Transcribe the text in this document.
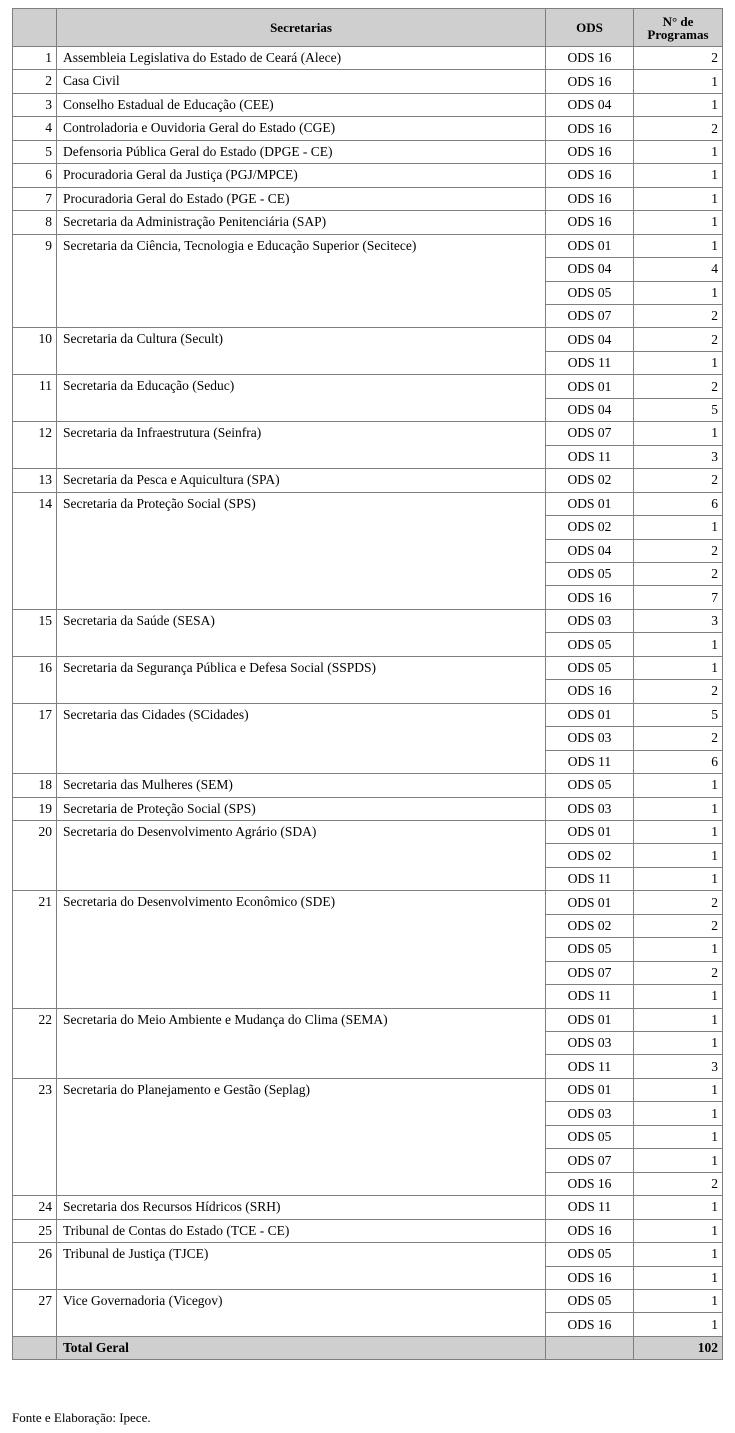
	Secretarias	ODS	N° de Programas
1	Assembleia Legislativa do Estado de Ceará (Alece)	ODS 16	2
2	Casa Civil	ODS 16	1
3	Conselho Estadual de Educação (CEE)	ODS 04	1
4	Controladoria e Ouvidoria Geral do Estado (CGE)	ODS 16	2
5	Defensoria Pública Geral do Estado (DPGE - CE)	ODS 16	1
6	Procuradoria Geral da Justiça (PGJ/MPCE)	ODS 16	1
7	Procuradoria Geral do Estado (PGE - CE)	ODS 16	1
8	Secretaria da Administração Penitenciária (SAP)	ODS 16	1
9	Secretaria da Ciência, Tecnologia e Educação Superior (Secitece)	ODS 01	1
		ODS 04	4
		ODS 05	1
		ODS 07	2
10	Secretaria da Cultura (Secult)	ODS 04	2
		ODS 11	1
11	Secretaria da Educação (Seduc)	ODS 01	2
		ODS 04	5
12	Secretaria da Infraestrutura (Seinfra)	ODS 07	1
		ODS 11	3
13	Secretaria da Pesca e Aquicultura (SPA)	ODS 02	2
14	Secretaria da Proteção Social (SPS)	ODS 01	6
		ODS 02	1
		ODS 04	2
		ODS 05	2
		ODS 16	7
15	Secretaria da Saúde (SESA)	ODS 03	3
		ODS 05	1
16	Secretaria da Segurança Pública e Defesa Social (SSPDS)	ODS 05	1
		ODS 16	2
17	Secretaria das Cidades (SCidades)	ODS 01	5
		ODS 03	2
		ODS 11	6
18	Secretaria das Mulheres (SEM)	ODS 05	1
19	Secretaria de Proteção Social (SPS)	ODS 03	1
20	Secretaria do Desenvolvimento Agrário (SDA)	ODS 01	1
		ODS 02	1
		ODS 11	1
21	Secretaria do Desenvolvimento Econômico (SDE)	ODS 01	2
		ODS 02	2
		ODS 05	1
		ODS 07	2
		ODS 11	1
22	Secretaria do Meio Ambiente e Mudança do Clima (SEMA)	ODS 01	1
		ODS 03	1
		ODS 11	3
23	Secretaria do Planejamento e Gestão (Seplag)	ODS 01	1
		ODS 03	1
		ODS 05	1
		ODS 07	1
		ODS 16	2
24	Secretaria dos Recursos Hídricos (SRH)	ODS 11	1
25	Tribunal de Contas do Estado (TCE - CE)	ODS 16	1
26	Tribunal de Justiça (TJCE)	ODS 05	1
		ODS 16	1
27	Vice Governadoria (Vicegov)	ODS 05	1
		ODS 16	1
	Total Geral		102
Fonte e Elaboração: Ipece.
